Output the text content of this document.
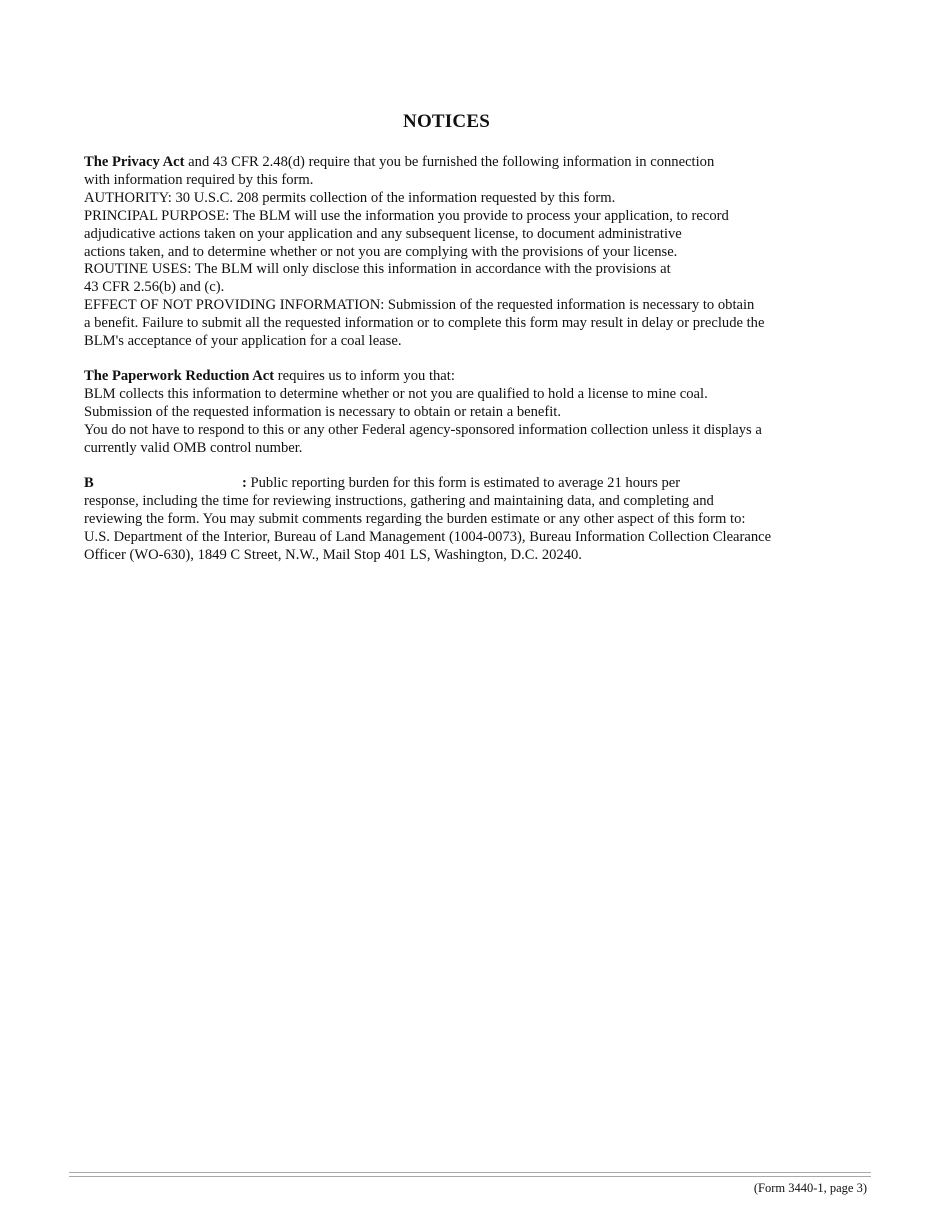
NOTICES
The Privacy Act and 43 CFR 2.48(d) require that you be furnished the following information in connection
with information required by this form.
AUTHORITY: 30 U.S.C. 208 permits collection of the information requested by this form.
PRINCIPAL PURPOSE: The BLM will use the information you provide to process your application, to record
adjudicative actions taken on your application and any subsequent license, to document administrative
actions taken, and to determine whether or not you are complying with the provisions of your license.
ROUTINE USES: The BLM will only disclose this information in accordance with the provisions at
43 CFR 2.56(b) and (c).
EFFECT OF NOT PROVIDING INFORMATION: Submission of the requested information is necessary to obtain
a benefit. Failure to submit all the requested information or to complete this form may result in delay or preclude the
BLM's acceptance of your application for a coal lease.
The Paperwork Reduction Act requires us to inform you that:
BLM collects this information to determine whether or not you are qualified to hold a license to mine coal.
Submission of the requested information is necessary to obtain or retain a benefit.
You do not have to respond to this or any other Federal agency-sponsored information collection unless it displays a
currently valid OMB control number.
B	: Public reporting burden for this form is estimated to average 21 hours per
response, including the time for reviewing instructions, gathering and maintaining data, and completing and
reviewing the form. You may submit comments regarding the burden estimate or any other aspect of this form to:
U.S. Department of the Interior, Bureau of Land Management (1004-0073), Bureau Information Collection Clearance
Officer (WO-630), 1849 C Street, N.W., Mail Stop 401 LS, Washington, D.C. 20240.
(Form 3440-1, page 3)
